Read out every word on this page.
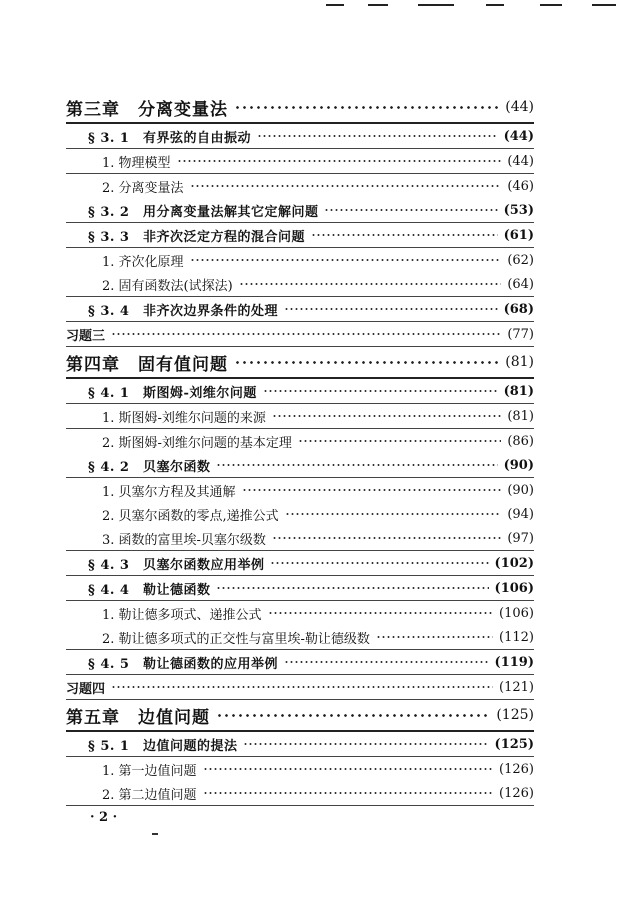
第三章　分离变量法	(44)
§ 3. 1　有界弦的自由振动	(44)
1. 物理模型	(44)
2. 分离变量法	(46)
§ 3. 2　用分离变量法解其它定解问题	(53)
§ 3. 3　非齐次泛定方程的混合问题	(61)
1. 齐次化原理	(62)
2. 固有函数法(试探法)	(64)
§ 3. 4　非齐次边界条件的处理	(68)
习题三	(77)
第四章　固有值问题	(81)
§ 4. 1　斯图姆-刘维尔问题	(81)
1. 斯图姆-刘维尔问题的来源	(81)
2. 斯图姆-刘维尔问题的基本定理	(86)
§ 4. 2　贝塞尔函数	(90)
1. 贝塞尔方程及其通解	(90)
2. 贝塞尔函数的零点,递推公式	(94)
3. 函数的富里埃-贝塞尔级数	(97)
§ 4. 3　贝塞尔函数应用举例	(102)
§ 4. 4　勒让德函数	(106)
1. 勒让德多项式、递推公式	(106)
2. 勒让德多项式的正交性与富里埃-勒让德级数	(112)
§ 4. 5　勒让德函数的应用举例	(119)
习题四	(121)
第五章　边值问题	(125)
§ 5. 1　边值问题的提法	(125)
1. 第一边值问题	(126)
2. 第二边值问题	(126)
· 2 ·
